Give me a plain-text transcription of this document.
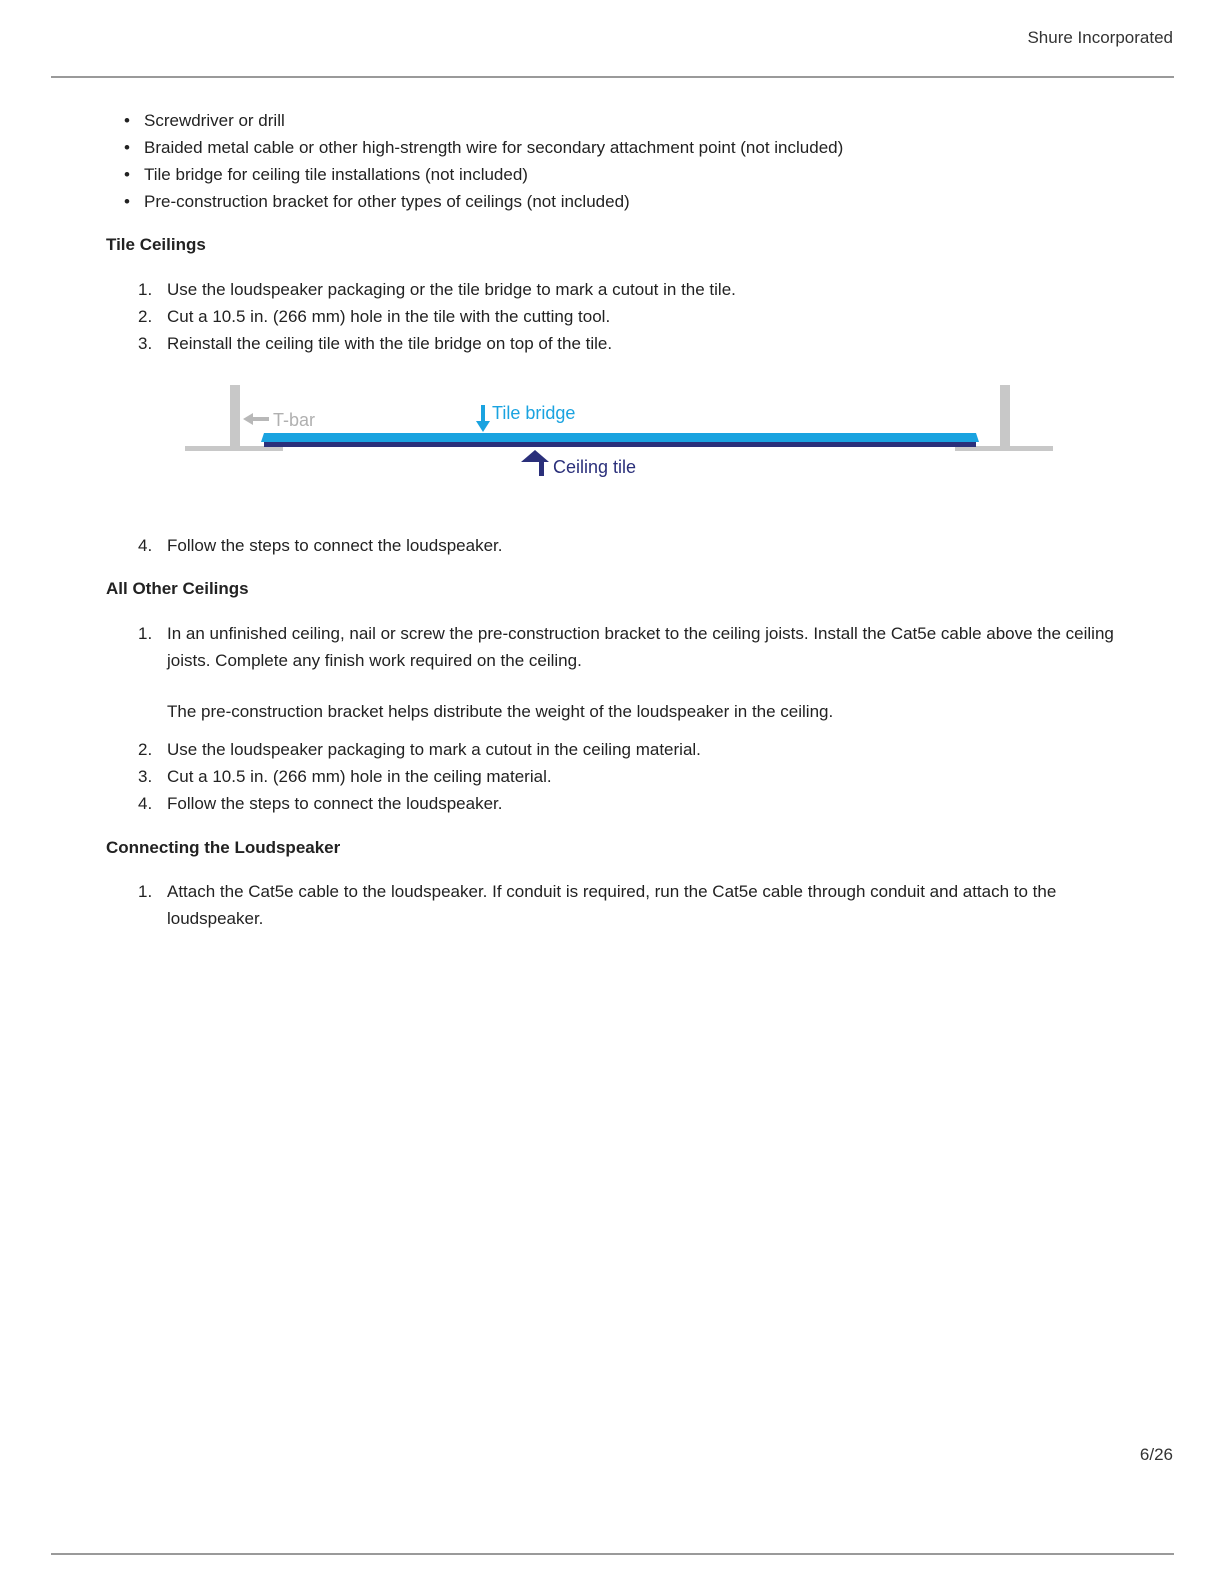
Shure Incorporated
• Screwdriver or drill
• Braided metal cable or other high-strength wire for secondary attachment point (not included)
• Tile bridge for ceiling tile installations (not included)
• Pre-construction bracket for other types of ceilings (not included)
Tile Ceilings
1. Use the loudspeaker packaging or the tile bridge to mark a cutout in the tile.
2. Cut a 10.5 in. (266 mm) hole in the tile with the cutting tool.
3. Reinstall the ceiling tile with the tile bridge on top of the tile.
T-bar	Tile bridge
Ceiling tile
4. Follow the steps to connect the loudspeaker.
All Other Ceilings
1. In an unfinished ceiling, nail or screw the pre-construction bracket to the ceiling joists. Install the Cat5e cable above the ceiling joists. Complete any finish work required on the ceiling.
The pre-construction bracket helps distribute the weight of the loudspeaker in the ceiling.
2. Use the loudspeaker packaging to mark a cutout in the ceiling material.
3. Cut a 10.5 in. (266 mm) hole in the ceiling material.
4. Follow the steps to connect the loudspeaker.
Connecting the Loudspeaker
1. Attach the Cat5e cable to the loudspeaker. If conduit is required, run the Cat5e cable through conduit and attach to the loudspeaker.
6/26
